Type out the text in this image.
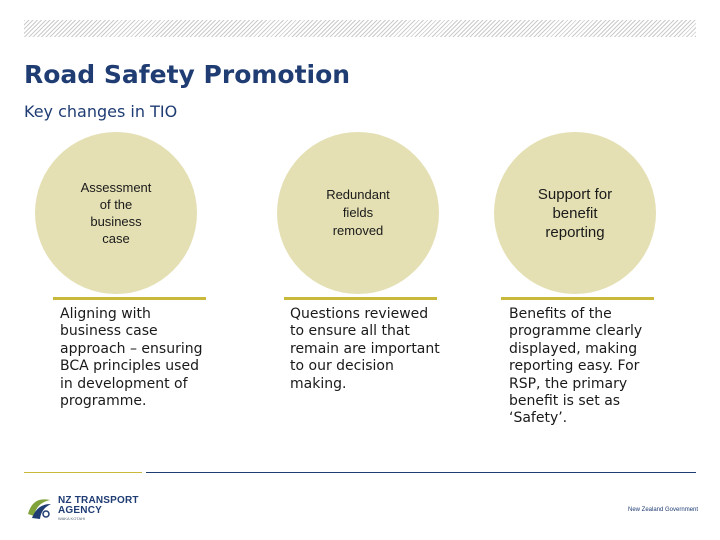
Road Safety Promotion
Key changes in TIO
Assessment
of the
business
case
Aligning with business case approach – ensuring BCA principles used in development of programme.
Redundant
fields
removed
Questions reviewed to ensure all that remain are important to our decision making.
Support for
benefit
reporting
Benefits of the programme clearly displayed, making reporting easy. For RSP, the primary benefit is set as ‘Safety’.
NZ TRANSPORT
AGENCY
WAKA KOTAHI
New Zealand Government
